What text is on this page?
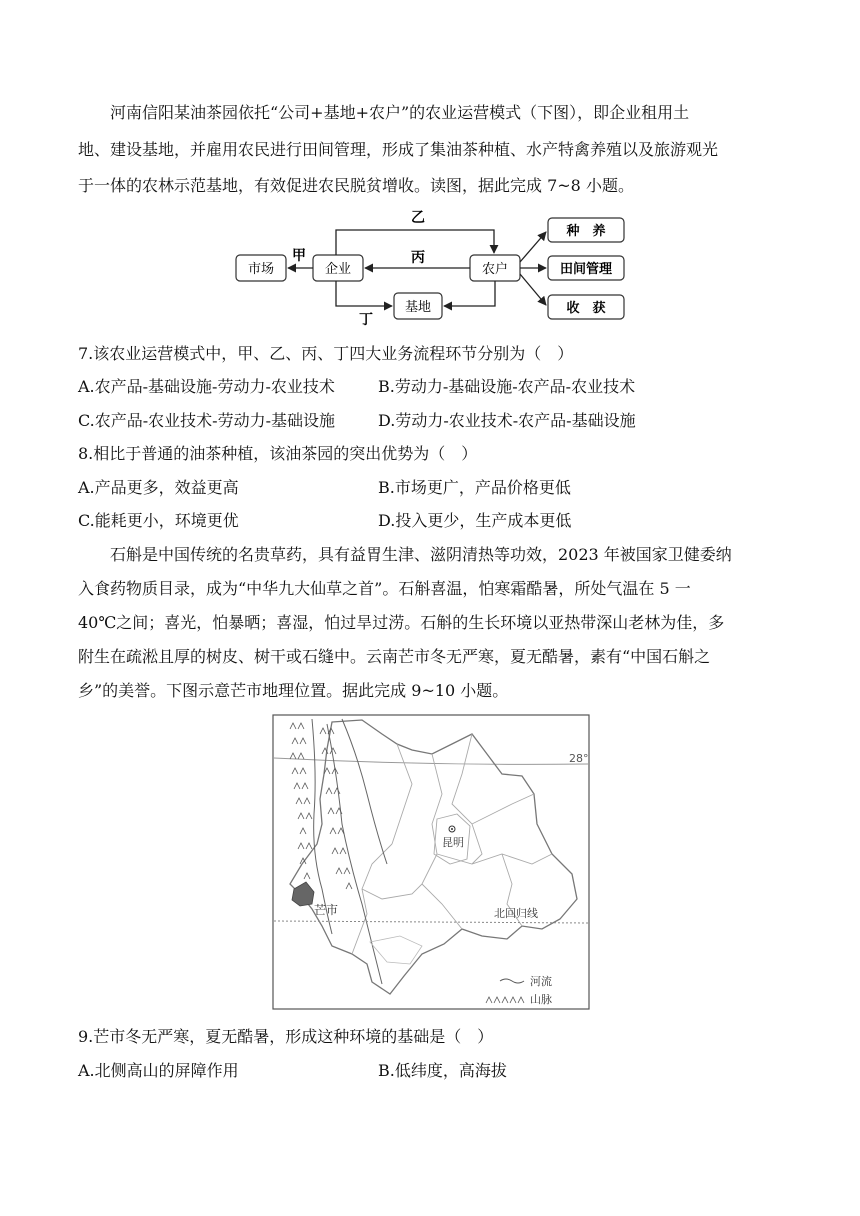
河南信阳某油茶园依托“公司+基地+农户”的农业运营模式（下图），即企业租用土
地、建设基地，并雇用农民进行田间管理，形成了集油茶种植、水产特禽养殖以及旅游观光
于一体的农林示范基地，有效促进农民脱贫增收。读图，据此完成 7~8 小题。
市场	企业	农户
基地
种　养
田间管理
收　获
甲
乙
丙
丁
7.该农业运营模式中，甲、乙、丙、丁四大业务流程环节分别为（　）
A.农产品-基础设施-劳动力-农业技术	B.劳动力-基础设施-农产品-农业技术
C.农产品-农业技术-劳动力-基础设施	D.劳动力-农业技术-农产品-基础设施
8.相比于普通的油茶种植，该油茶园的突出优势为（　）
A.产品更多，效益更高	B.市场更广，产品价格更低
C.能耗更小，环境更优	D.投入更少，生产成本更低
石斛是中国传统的名贵草药，具有益胃生津、滋阴清热等功效，2023 年被国家卫健委纳
入食药物质目录，成为“中华九大仙草之首”。石斛喜温，怕寒霜酷暑，所处气温在 5 一
40℃之间；喜光，怕暴晒；喜湿，怕过旱过涝。石斛的生长环境以亚热带深山老林为佳，多
附生在疏淞且厚的树皮、树干或石缝中。云南芒市冬无严寒，夏无酷暑，素有“中国石斛之
乡”的美誉。下图示意芒市地理位置。据此完成 9~10 小题。
28°
昆明
芒市	北回归线
河流
山脉
9.芒市冬无严寒，夏无酷暑，形成这种环境的基础是（　）
A.北侧高山的屏障作用	B.低纬度，高海拔
